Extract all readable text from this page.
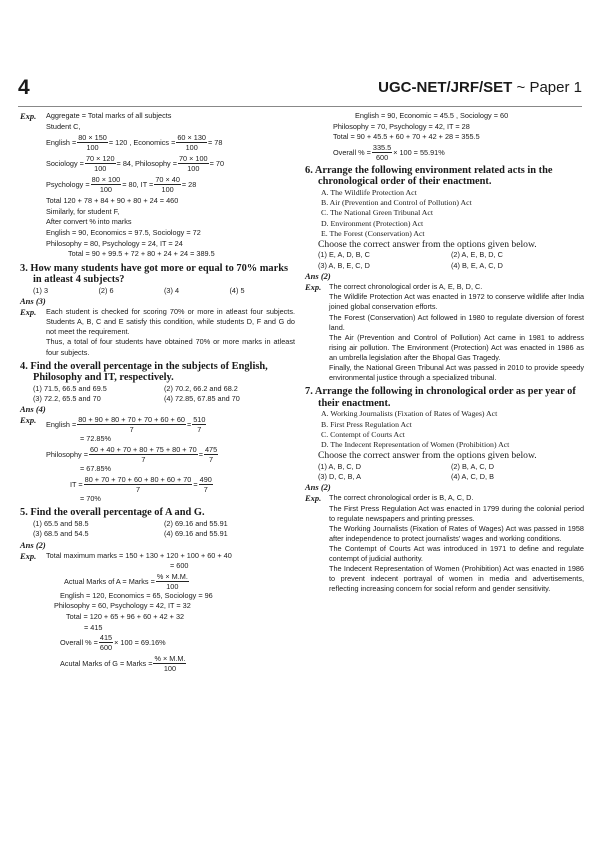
4	UGC-NET/JRF/SET ~ Paper 1
Exp. Aggregate = Total marks of all subjects
Student C,
English = $\frac{80 \times 150}{100} = 120$ , Economics = $\frac{60 \times 130}{100} = 78$
Sociology = $\frac{70 \times 120}{100} = 84$, Philosophy = $\frac{70 \times 100}{100} = 70$
Psychology = $\frac{80 \times 100}{100} = 80$, IT = $\frac{70 \times 40}{100} = 28$
Total 120 + 78 + 84 + 90 + 80 + 24 = 460
Similarly, for student F,
After convert % into marks
English = 90, Economics = 97.5, Sociology = 72
Philosophy = 80, Psychology = 24, IT = 24
Total = 90 + 99.5 + 72 + 80 + 24 + 24 = 389.5
3. How many students have got more or equal to 70% marks in atleast 4 subjects?
(1) 3	(2) 6	(3) 4	(4) 5
Ans (3)
Exp. Each student is checked for scoring 70% or more in atleast four subjects. Students A, B, C and E satisfy this condition, while students D, F and G do not meet the requirement.
Thus, a total of four students have obtained 70% or more marks in atleast four subjects.
4. Find the overall percentage in the subjects of English, Philosophy and IT, respectively.
(1) 71.5, 66.5 and 69.5	(2) 70.2, 66.2 and 68.2
(3) 72.2, 65.5 and 70	(4) 72.85, 67.85 and 70
Ans (4)
Exp. English = $\frac{80 + 90 + 80 + 70 + 70 + 60 + 60}{7} = \frac{510}{7}$
= 72.85%
Philosophy = $\frac{60 + 40 + 70 + 80 + 75 + 80 + 70}{7} = \frac{475}{7}$
= 67.85%
IT = $\frac{80 + 70 + 70 + 60 + 80 + 60 + 70}{7} = \frac{490}{7}$
= 70%
5. Find the overall percentage of A and G.
(1) 65.5 and 58.5	(2) 69.16 and 55.91
(3) 68.5 and 54.5	(4) 69.16 and 55.91
Ans (2)
Exp.	Total maximum marks = 150 + 130 + 120 + 100 + 60 + 40
= 600
Actual Marks of A = Marks = $\frac{\% \times M.M.}{100}$
English = 120, Economics = 65, Sociology = 96
Philosophy = 60, Psychology = 42, IT = 32
Total = 120 + 65 + 96 + 60 + 42 + 32
= 415
Overall % = $\frac{415}{600} \times 100 = 69.16\%$
Acutal Marks of G = Marks = $\frac{\% \times M.M.}{100}$
English = 90, Economic = 45.5 , Sociology = 60
Philosophy = 70, Psychology = 42, IT = 28
Total = 90 + 45.5 + 60 + 70 + 42 + 28 = 355.5
Overall % = $\frac{335.5}{600} \times 100 = 55.91\%$
6. Arrange the following environment related acts in the chronological order of their enactment.
A. The Wildlife Protection Act
B. Air (Prevention and Control of Pollution) Act
C. The National Green Tribunal Act
D. Environment (Protection) Act
E. The Forest (Conservation) Act
Choose the correct answer from the options given below.
(1) E, A, D, B, C	(2) A, E, B, D, C
(3) A, B, E, C, D	(4) B, E, A, C, D
Ans (2)
Exp. The correct chronological order is A, E, B, D, C.
The Wildlife Protection Act was enacted in 1972 to conserve wildlife after India joined global conservation efforts.
The Forest (Conservation) Act followed in 1980 to regulate diversion of forest land.
The Air (Prevention and Control of Pollution) Act came in 1981 to address rising air pollution. The Environment (Protection) Act was enacted in 1986 as an umbrella legislation after the Bhopal Gas Tragedy.
Finally, the National Green Tribunal Act was passed in 2010 to provide speedy environmental justice through a specialized tribunal.
7. Arrange the following in chronological order as per year of their enactment.
A. Working Journalists (Fixation of Rates of Wages) Act
B. First Press Regulation Act
C. Contempt of Courts Act
D. The Indecent Representation of Women (Prohibition) Act
Choose the correct answer from the options given below.
(1) A, B, C, D	(2) B, A, C, D
(3) D, C, B, A	(4) A, C, D, B
Ans (2)
Exp. The correct chronological order is B, A, C, D.
The First Press Regulation Act was enacted in 1799 during the colonial period to regulate newspapers and printing presses.
The Working Journalists (Fixation of Rates of Wages) Act was passed in 1958 after independence to protect journalists' wages and working conditions.
The Contempt of Courts Act was introduced in 1971 to define and regulate contempt of judicial authority.
The Indecent Representation of Women (Prohibition) Act was enacted in 1986 to prevent indecent portrayal of women in media and advertisements, reflecting increasing concern for social reform and gender sensitivity.
